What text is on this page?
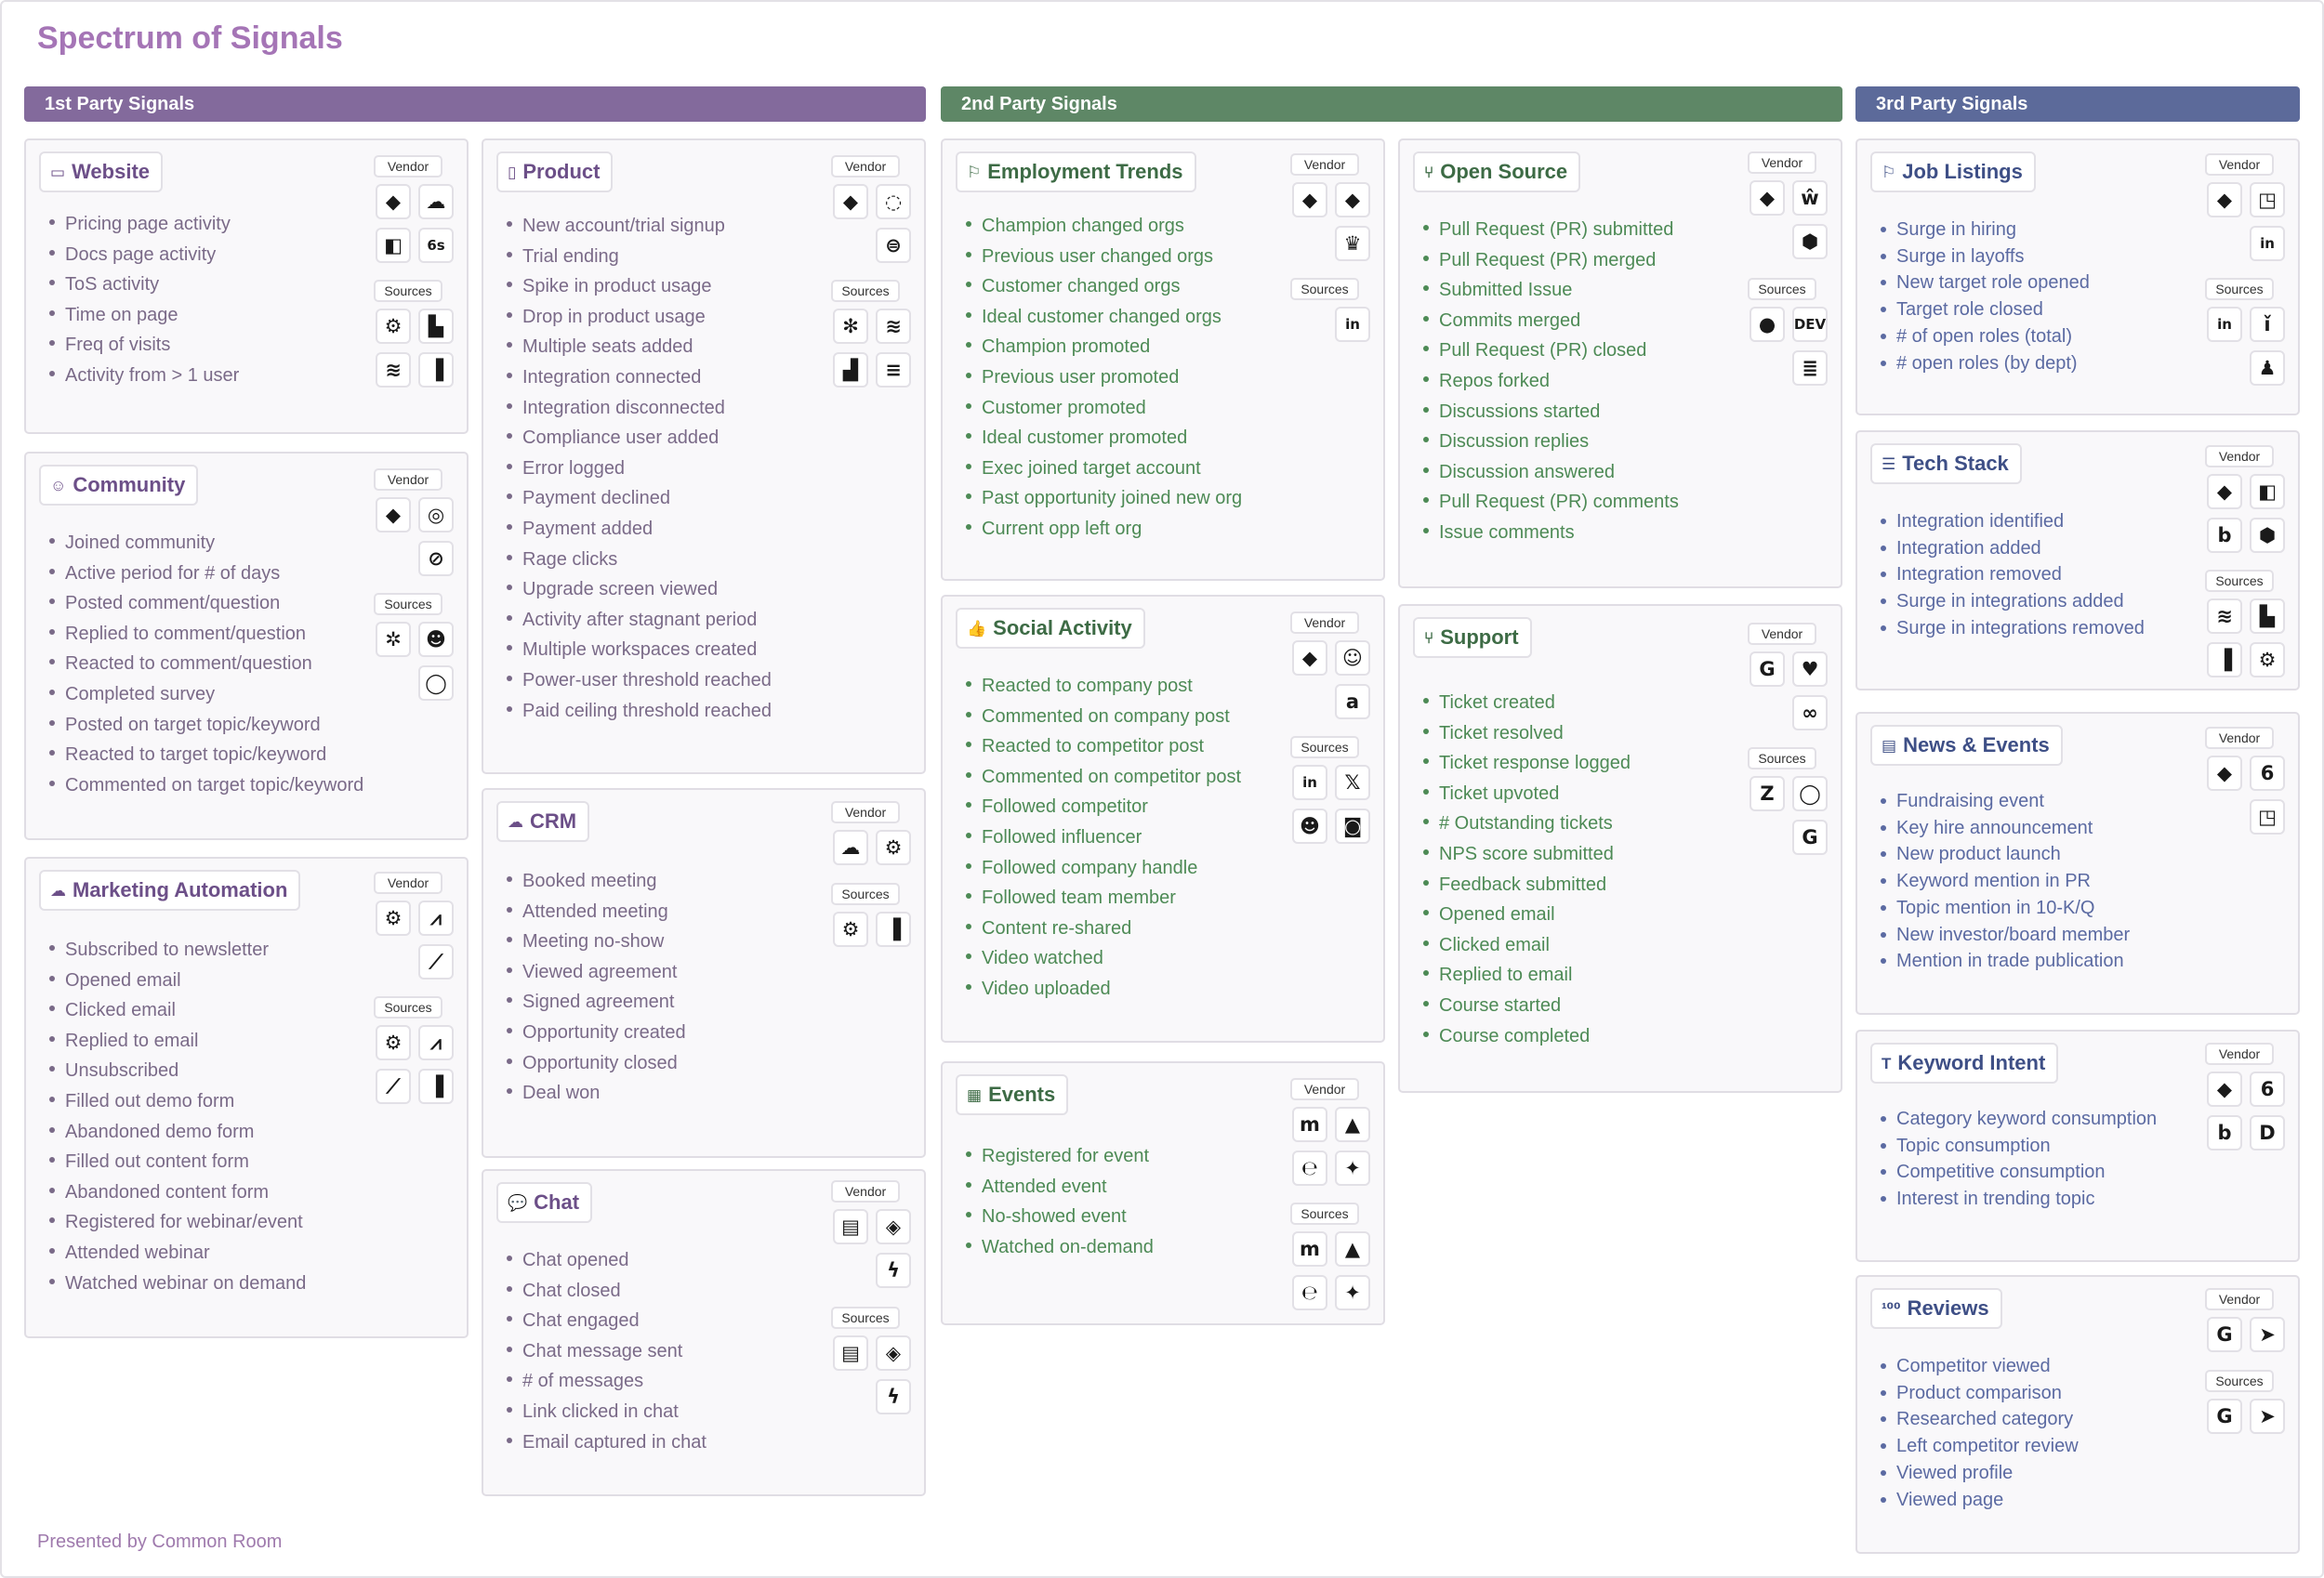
Spectrum of Signals
1st Party Signals	2nd Party Signals	3rd Party Signals
▭ Website
Pricing page activity
Docs page activity
ToS activity
Time on page
Freq of visits
Activity from > 1 user
Vendor
◆	☁
◧	6s
Sources
⚙	▙
≋	▐
☺ Community
Joined community
Active period for # of days
Posted comment/question
Replied to comment/question
Reacted to comment/question
Completed survey
Posted on target topic/keyword
Reacted to target topic/keyword
Commented on target topic/keyword
Vendor
◆	◎
⊘
Sources
✲	☻
◯
☁ Marketing Automation
Subscribed to newsletter
Opened email
Clicked email
Replied to email
Unsubscribed
Filled out demo form
Abandoned demo form
Filled out content form
Abandoned content form
Registered for webinar/event
Attended webinar
Watched webinar on demand
Vendor
⚙	⩘
⟋
Sources
⚙	⩘
⟋	▐
▯ Product
New account/trial signup
Trial ending
Spike in product usage
Drop in product usage
Multiple seats added
Integration connected
Integration disconnected
Compliance user added
Error logged
Payment declined
Payment added
Rage clicks
Upgrade screen viewed
Activity after stagnant period
Multiple workspaces created
Power-user threshold reached
Paid ceiling threshold reached
Vendor
◆	◌
⊜
Sources
✻	≋
▟	≡
☁ CRM
Booked meeting
Attended meeting
Meeting no-show
Viewed agreement
Signed agreement
Opportunity created
Opportunity closed
Deal won
Vendor
☁	⚙
Sources
⚙	▐
💬 Chat
Chat opened
Chat closed
Chat engaged
Chat message sent
# of messages
Link clicked in chat
Email captured in chat
Vendor
▤	◈
ϟ
Sources
▤	◈
ϟ
⚐ Employment Trends
Champion changed orgs
Previous user changed orgs
Customer changed orgs
Ideal customer changed orgs
Champion promoted
Previous user promoted
Customer promoted
Ideal customer promoted
Exec joined target account
Past opportunity joined new org
Current opp left org
Vendor
◆	◆
♛
Sources
in
👍 Social Activity
Reacted to company post
Commented on company post
Reacted to competitor post
Commented on competitor post
Followed competitor
Followed influencer
Followed company handle
Followed team member
Content re-shared
Video watched
Video uploaded
Vendor
◆	☺
a
Sources
in	𝕏
☻	◙
▦ Events
Registered for event
Attended event
No-showed event
Watched on-demand
Vendor
m	▲
℮	✦
Sources
m	▲
℮	✦
⑂ Open Source
Pull Request (PR) submitted
Pull Request (PR) merged
Submitted Issue
Commits merged
Pull Request (PR) closed
Repos forked
Discussions started
Discussion replies
Discussion answered
Pull Request (PR) comments
Issue comments
Vendor
◆	ŵ
⬢
Sources
●	DEV
≣
⑂ Support
Ticket created
Ticket resolved
Ticket response logged
Ticket upvoted
# Outstanding tickets
NPS score submitted
Feedback submitted
Opened email
Clicked email
Replied to email
Course started
Course completed
Vendor
G	♥
∞
Sources
Z	◯
G
⚐ Job Listings
Surge in hiring
Surge in layoffs
New target role opened
Target role closed
# of open roles (total)
# open roles (by dept)
Vendor
◆	◳
in
Sources
in	ǐ
♟
☰ Tech Stack
Integration identified
Integration added
Integration removed
Surge in integrations added
Surge in integrations removed
Vendor
◆	◧
b	⬢
Sources
≋	▙
▐	⚙
▤ News & Events
Fundraising event
Key hire announcement
New product launch
Keyword mention in PR
Topic mention in 10-K/Q
New investor/board member
Mention in trade publication
Vendor
◆	6
◳
T Keyword Intent
Category keyword consumption
Topic consumption
Competitive consumption
Interest in trending topic
Vendor
◆	6
b	D
¹⁰⁰ Reviews
Competitor viewed
Product comparison
Researched category
Left competitor review
Viewed profile
Viewed page
Vendor
G	➤
Sources
G	➤
Presented by Common Room
